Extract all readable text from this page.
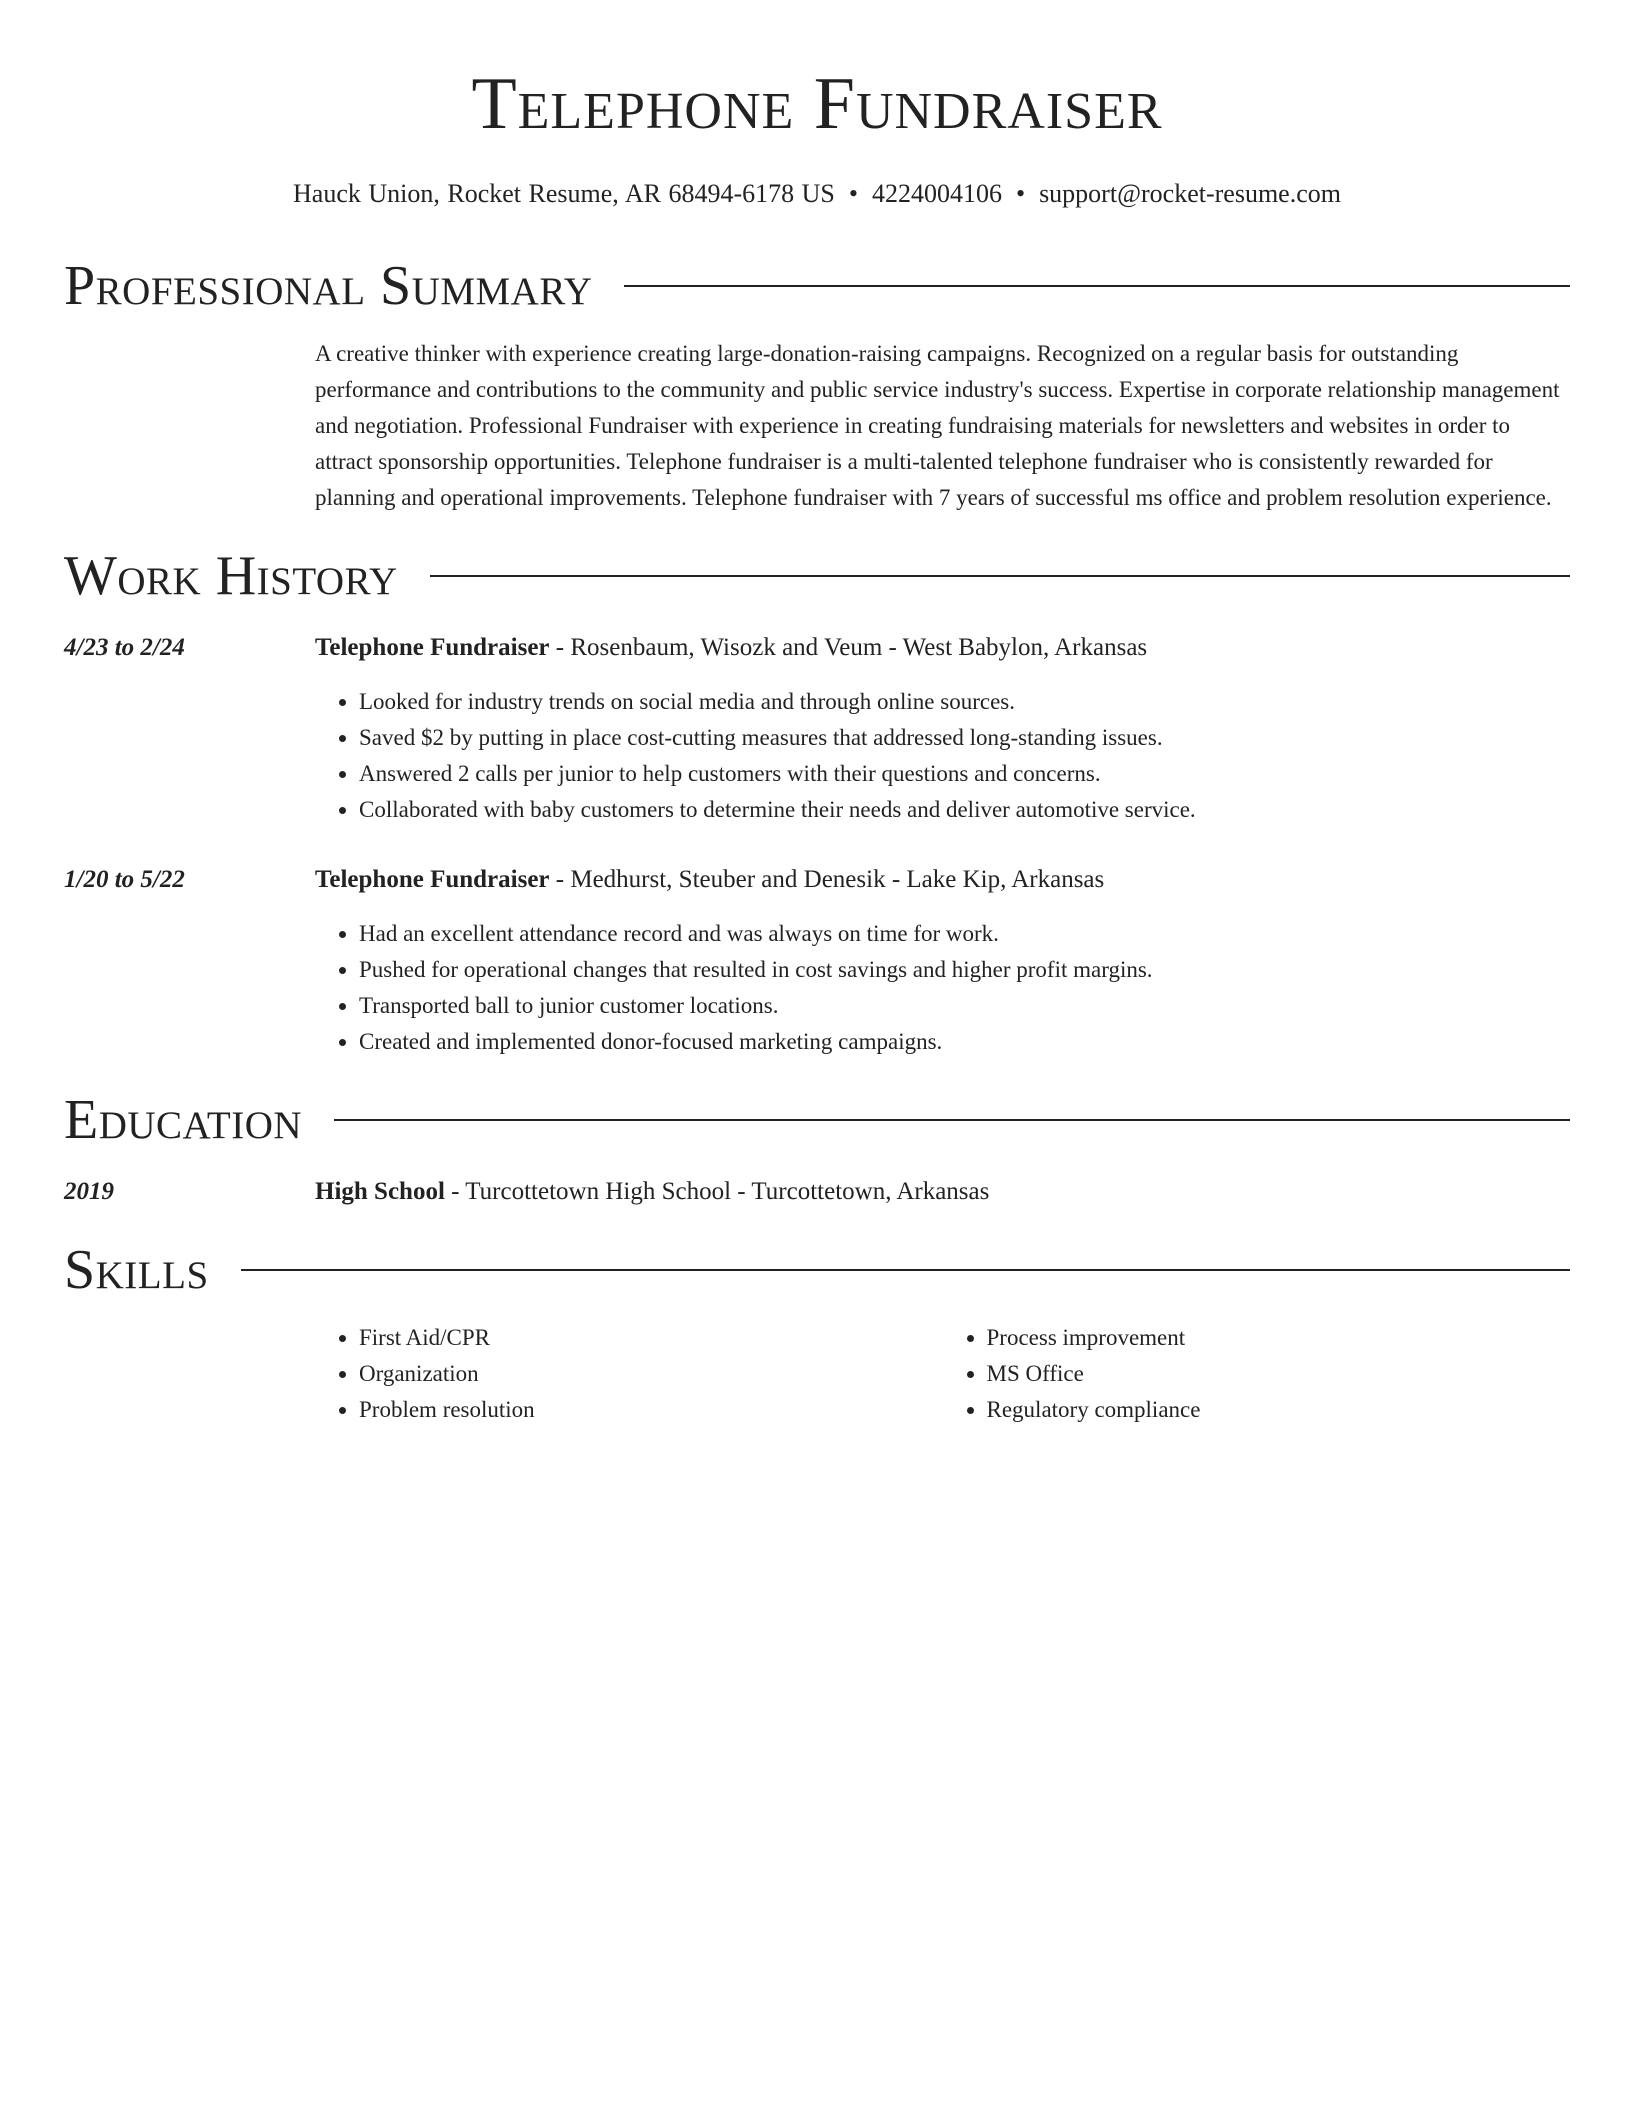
Telephone Fundraiser
Hauck Union, Rocket Resume, AR 68494-6178 US • 4224004106 • support@rocket-resume.com
Professional Summary
A creative thinker with experience creating large-donation-raising campaigns. Recognized on a regular basis for outstanding performance and contributions to the community and public service industry's success. Expertise in corporate relationship management and negotiation. Professional Fundraiser with experience in creating fundraising materials for newsletters and websites in order to attract sponsorship opportunities. Telephone fundraiser is a multi-talented telephone fundraiser who is consistently rewarded for planning and operational improvements. Telephone fundraiser with 7 years of successful ms office and problem resolution experience.
Work History
4/23 to 2/24	Telephone Fundraiser - Rosenbaum, Wisozk and Veum - West Babylon, Arkansas
• Looked for industry trends on social media and through online sources.
• Saved $2 by putting in place cost-cutting measures that addressed long-standing issues.
• Answered 2 calls per junior to help customers with their questions and concerns.
• Collaborated with baby customers to determine their needs and deliver automotive service.
1/20 to 5/22	Telephone Fundraiser - Medhurst, Steuber and Denesik - Lake Kip, Arkansas
• Had an excellent attendance record and was always on time for work.
• Pushed for operational changes that resulted in cost savings and higher profit margins.
• Transported ball to junior customer locations.
• Created and implemented donor-focused marketing campaigns.
Education
2019	High School - Turcottetown High School - Turcottetown, Arkansas
Skills
• First Aid/CPR
• Organization
• Problem resolution
• Process improvement
• MS Office
• Regulatory compliance
